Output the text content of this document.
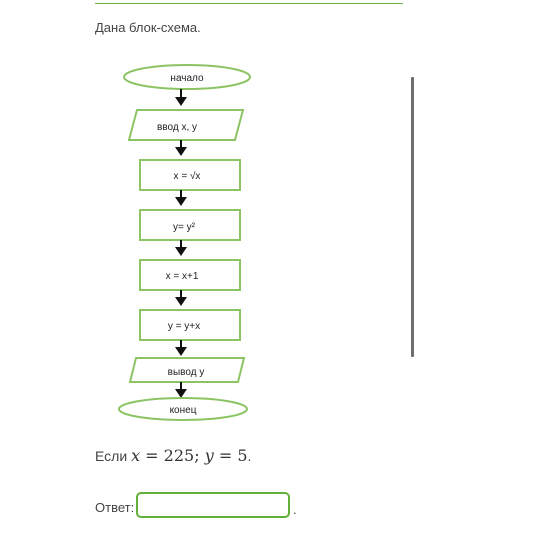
Дана блок-схема.
начало
ввод x, y
x = √x
y= y²
x = x+1
y = y+x
вывод y
конец
Если x = 225; y = 5.
Ответ:	.
